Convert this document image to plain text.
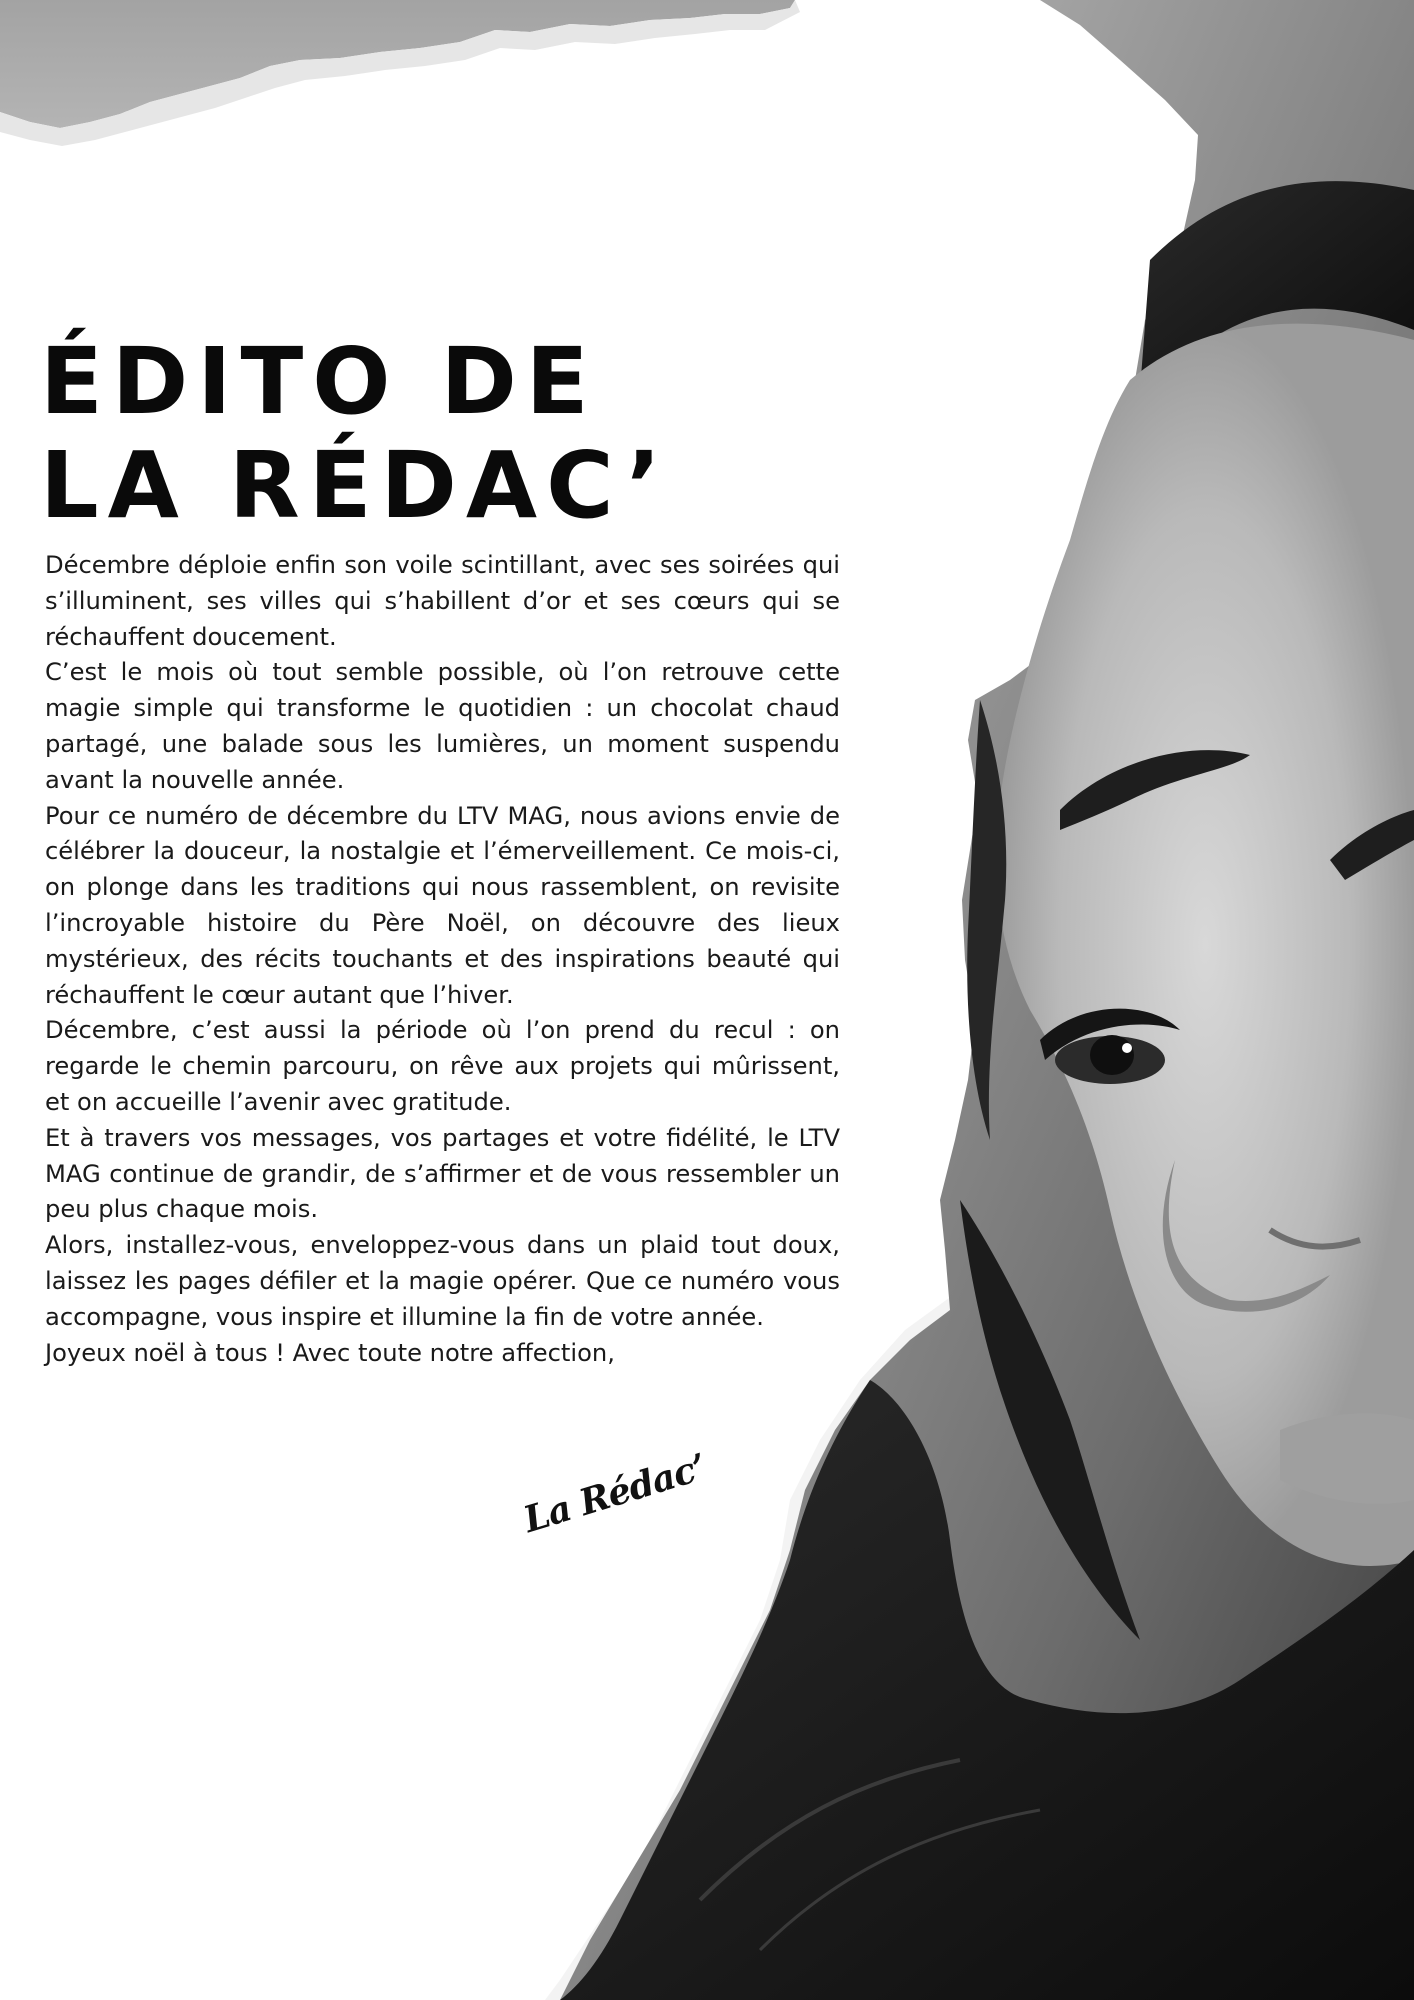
ÉDITO DE
LA RÉDAC’

Décembre déploie enfin son voile scintillant, avec ses soirées qui s’illuminent, ses villes qui s’habillent d’or et ses cœurs qui se réchauffent doucement.

C’est le mois où tout semble possible, où l’on retrouve cette magie simple qui transforme le quotidien : un chocolat chaud partagé, une balade sous les lumières, un moment suspendu avant la nouvelle année.

Pour ce numéro de décembre du LTV MAG, nous avions envie de célébrer la douceur, la nostalgie et l’émerveillement. Ce mois-ci, on plonge dans les traditions qui nous rassemblent, on revisite l’incroyable histoire du Père Noël, on découvre des lieux mystérieux, des récits touchants et des inspirations beauté qui réchauffent le cœur autant que l’hiver.

Décembre, c’est aussi la période où l’on prend du recul : on regarde le chemin parcouru, on rêve aux projets qui mûrissent, et on accueille l’avenir avec gratitude.

Et à travers vos messages, vos partages et votre fidélité, le LTV MAG continue de grandir, de s’affirmer et de vous ressembler un peu plus chaque mois.

Alors, installez-vous, enveloppez-vous dans un plaid tout doux, laissez les pages défiler et la magie opérer. Que ce numéro vous accompagne, vous inspire et illumine la fin de votre année.

Joyeux noël à tous ! Avec toute notre affection,

La Rédac’
